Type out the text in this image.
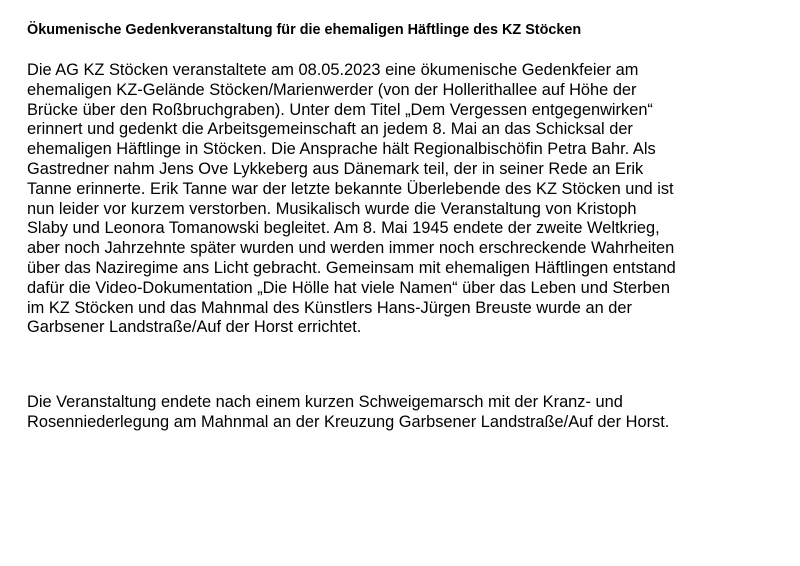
Ökumenische Gedenkveranstaltung für die ehemaligen Häftlinge des KZ Stöcken
Die AG KZ Stöcken veranstaltete am 08.05.2023 eine ökumenische Gedenkfeier am
ehemaligen KZ-Gelände Stöcken/Marienwerder (von der Hollerithallee auf Höhe der
Brücke über den Roßbruchgraben). Unter dem Titel „Dem Vergessen entgegenwirken“
erinnert und gedenkt die Arbeitsgemeinschaft an jedem 8. Mai an das Schicksal der
ehemaligen Häftlinge in Stöcken. Die Ansprache hält Regionalbischöfin Petra Bahr. Als
Gastredner nahm Jens Ove Lykkeberg aus Dänemark teil, der in seiner Rede an Erik
Tanne erinnerte. Erik Tanne war der letzte bekannte Überlebende des KZ Stöcken und ist
nun leider vor kurzem verstorben. Musikalisch wurde die Veranstaltung von Kristoph
Slaby und Leonora Tomanowski begleitet. Am 8. Mai 1945 endete der zweite Weltkrieg,
aber noch Jahrzehnte später wurden und werden immer noch erschreckende Wahrheiten
über das Naziregime ans Licht gebracht. Gemeinsam mit ehemaligen Häftlingen entstand
dafür die Video-Dokumentation „Die Hölle hat viele Namen“ über das Leben und Sterben
im KZ Stöcken und das Mahnmal des Künstlers Hans-Jürgen Breuste wurde an der
Garbsener Landstraße/Auf der Horst errichtet.
Die Veranstaltung endete nach einem kurzen Schweigemarsch mit der Kranz- und
Rosenniederlegung am Mahnmal an der Kreuzung Garbsener Landstraße/Auf der Horst.
